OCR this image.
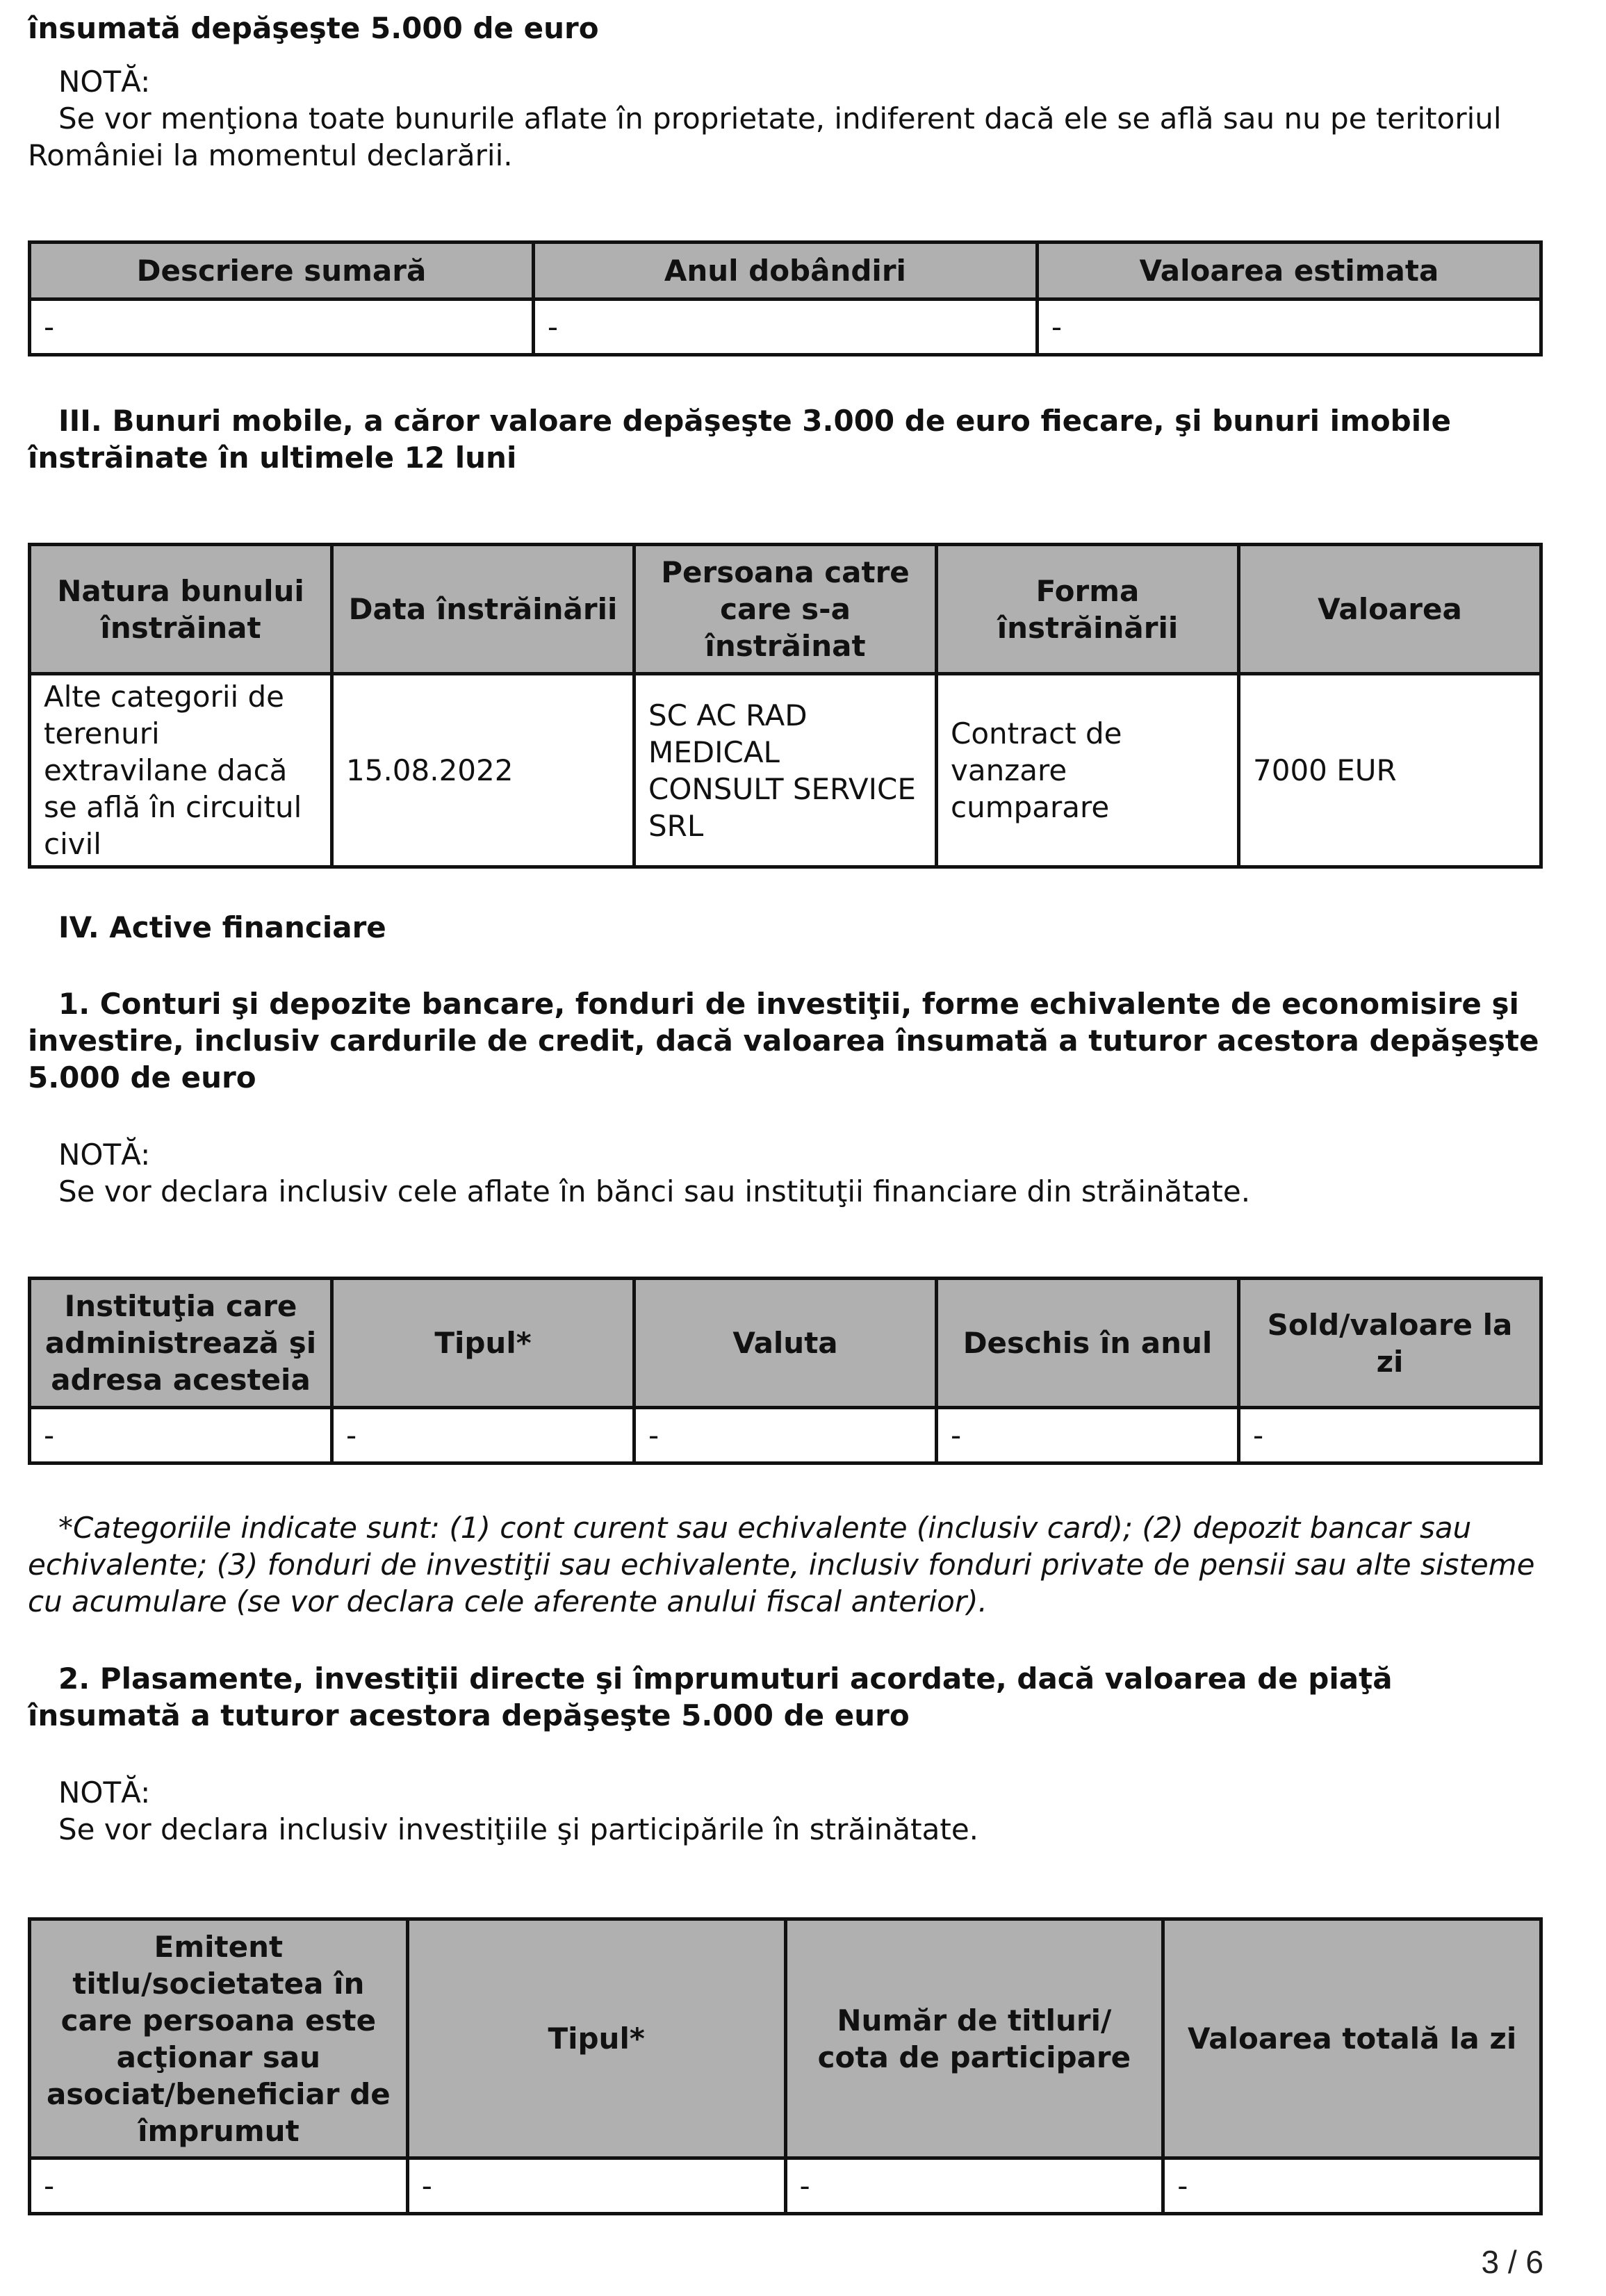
însumată depăşeşte 5.000 de euro

NOTĂ:

Se vor menţiona toate bunurile aflate în proprietate, indiferent dacă ele se află sau nu pe teritoriul României la momentul declarării.

Descriere sumară	Anul dobândiri	Valoarea estimata
-	-	-

III. Bunuri mobile, a căror valoare depăşeşte 3.000 de euro fiecare, şi bunuri imobile înstrăinate în ultimele 12 luni

Natura bunului înstrăinat	Data înstrăinării	Persoana catre care s-a înstrăinat	Forma înstrăinării	Valoarea
Alte categorii de terenuri extravilane dacă se află în circuitul civil	15.08.2022	SC AC RAD MEDICAL CONSULT SERVICE SRL	Contract de vanzare cumparare	7000 EUR

IV. Active financiare

1. Conturi şi depozite bancare, fonduri de investiţii, forme echivalente de economisire şi investire, inclusiv cardurile de credit, dacă valoarea însumată a tuturor acestora depăşeşte 5.000 de euro

NOTĂ:

Se vor declara inclusiv cele aflate în bănci sau instituţii financiare din străinătate.

Instituţia care administrează şi adresa acesteia	Tipul*	Valuta	Deschis în anul	Sold/valoare la zi
-	-	-	-	-

*Categoriile indicate sunt: (1) cont curent sau echivalente (inclusiv card); (2) depozit bancar sau echivalente; (3) fonduri de investiţii sau echivalente, inclusiv fonduri private de pensii sau alte sisteme cu acumulare (se vor declara cele aferente anului fiscal anterior).

2. Plasamente, investiţii directe şi împrumuturi acordate, dacă valoarea de piaţă însumată a tuturor acestora depăşeşte 5.000 de euro

NOTĂ:

Se vor declara inclusiv investiţiile şi participările în străinătate.

Emitent titlu/societatea în care persoana este acţionar sau asociat/beneficiar de împrumut	Tipul*	Număr de titluri/ cota de participare	Valoarea totală la zi
-	-	-	-
3 / 6
